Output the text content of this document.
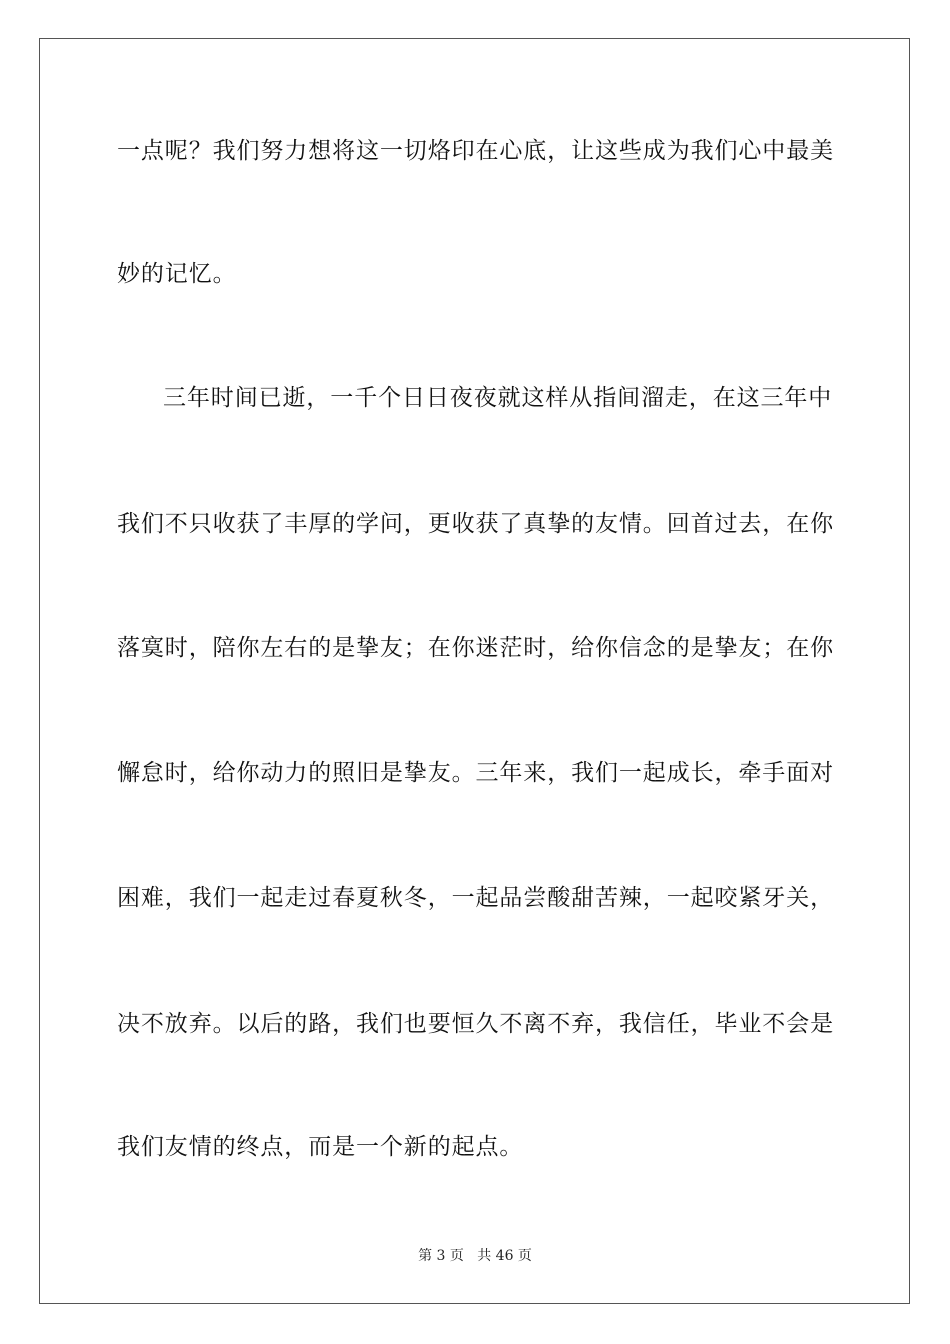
一点呢？我们努力想将这一切烙印在心底，让这些成为我们心中最美
妙的记忆。
三年时间已逝，一千个日日夜夜就这样从指间溜走，在这三年中
我们不只收获了丰厚的学问，更收获了真挚的友情。回首过去，在你
落寞时，陪你左右的是挚友；在你迷茫时，给你信念的是挚友；在你
懈怠时，给你动力的照旧是挚友。三年来，我们一起成长，牵手面对
困难，我们一起走过春夏秋冬，一起品尝酸甜苦辣，一起咬紧牙关，
决不放弃。以后的路，我们也要恒久不离不弃，我信任，毕业不会是
我们友情的终点，而是一个新的起点。
第 3 页   共 46 页
